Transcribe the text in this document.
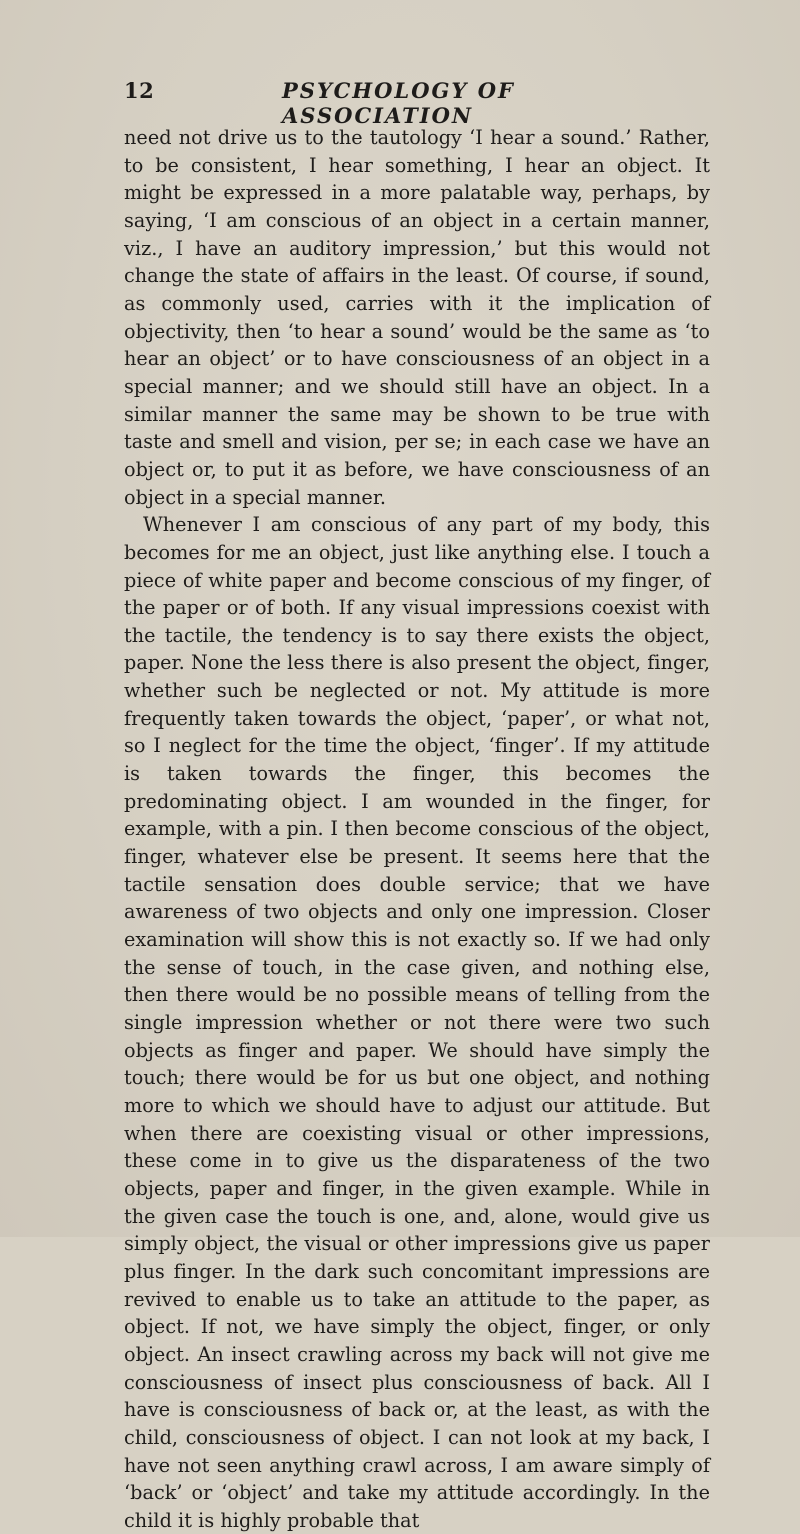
12	PSYCHOLOGY OF ASSOCIATION

need not drive us to the tautology ‘I hear a sound.’ Rather, to be consistent, I hear something, I hear an object. It might be expressed in a more palatable way, perhaps, by saying, ‘I am conscious of an object in a certain manner, viz., I have an auditory impression,’ but this would not change the state of affairs in the least. Of course, if sound, as commonly used, carries with it the implication of objectivity, then ‘to hear a sound’ would be the same as ‘to hear an object’ or to have consciousness of an object in a special manner; and we should still have an object. In a similar manner the same may be shown to be true with taste and smell and vision, per se; in each case we have an object or, to put it as before, we have consciousness of an object in a special manner.

Whenever I am conscious of any part of my body, this becomes for me an object, just like anything else. I touch a piece of white paper and become conscious of my finger, of the paper or of both. If any visual impressions coexist with the tactile, the tendency is to say there exists the object, paper. None the less there is also present the object, finger, whether such be neglected or not. My attitude is more frequently taken towards the object, ‘paper’, or what not, so I neglect for the time the object, ‘finger’. If my attitude is taken towards the finger, this becomes the predominating object. I am wounded in the finger, for example, with a pin. I then become conscious of the object, finger, whatever else be present. It seems here that the tactile sensation does double service; that we have awareness of two objects and only one impression. Closer examination will show this is not exactly so. If we had only the sense of touch, in the case given, and nothing else, then there would be no possible means of telling from the single impression whether or not there were two such objects as finger and paper. We should have simply the touch; there would be for us but one object, and nothing more to which we should have to adjust our attitude. But when there are coexisting visual or other impressions, these come in to give us the disparateness of the two objects, paper and finger, in the given example. While in the given case the touch is one, and, alone, would give us simply object, the visual or other impressions give us paper plus finger. In the dark such concomitant impressions are revived to enable us to take an attitude to the paper, as object. If not, we have simply the object, finger, or only object. An insect crawling across my back will not give me consciousness of insect plus consciousness of back. All I have is consciousness of back or, at the least, as with the child, consciousness of object. I can not look at my back, I have not seen anything crawl across, I am aware simply of ‘back’ or ‘object’ and take my attitude accordingly. In the child it is highly probable that
